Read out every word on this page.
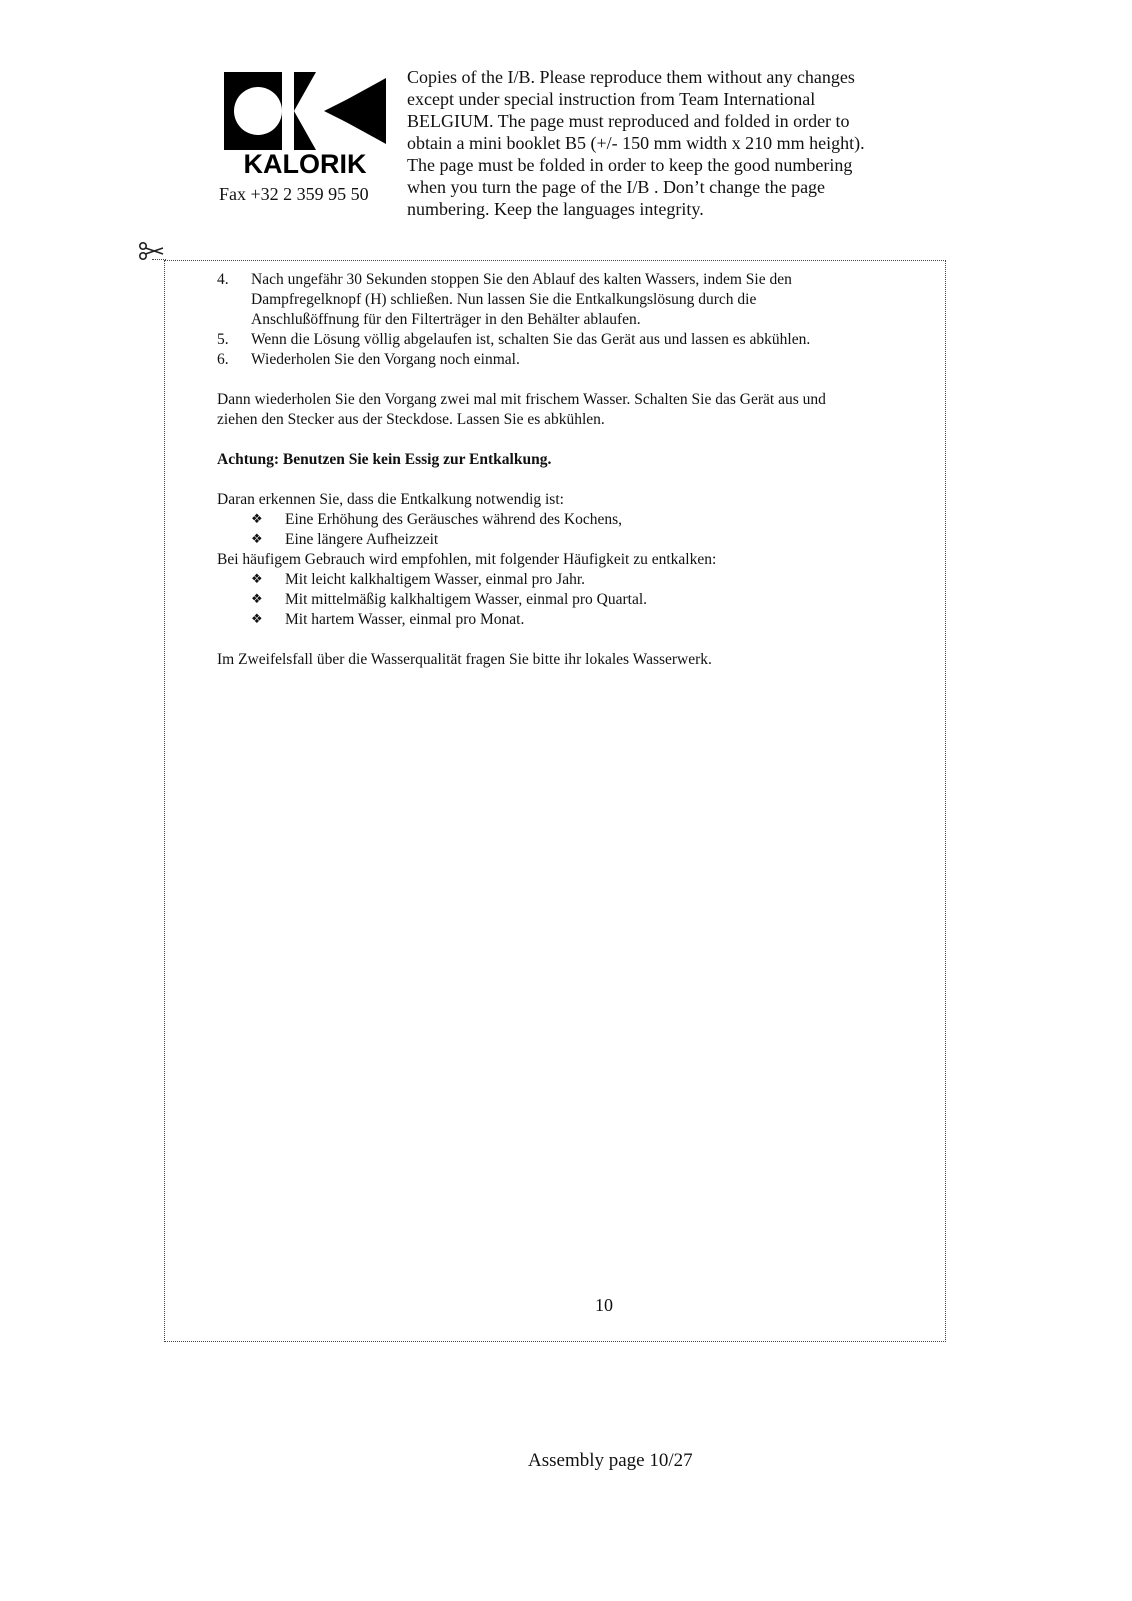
KALORIK
Fax +32 2 359 95 50
Copies of the I/B. Please reproduce them without any changes
except under special instruction from Team International
BELGIUM. The page must reproduced and folded in order to
obtain a mini booklet B5 (+/- 150 mm width x 210 mm height).
The page must be folded in order to keep the good numbering
when you turn the page of the I/B . Don’t change the page
numbering. Keep the languages integrity.
4.	Nach ungefähr 30 Sekunden stoppen Sie den Ablauf des kalten Wassers, indem Sie den
Dampfregelknopf (H) schließen. Nun lassen Sie die Entkalkungslösung durch die
Anschlußöffnung für den Filterträger in den Behälter ablaufen.
5.	Wenn die Lösung völlig abgelaufen ist, schalten Sie das Gerät aus und lassen es abkühlen.
6.	Wiederholen Sie den Vorgang noch einmal.
Dann wiederholen Sie den Vorgang zwei mal mit frischem Wasser. Schalten Sie das Gerät aus und
ziehen den Stecker aus der Steckdose. Lassen Sie es abkühlen.
Achtung: Benutzen Sie kein Essig zur Entkalkung.
Daran erkennen Sie, dass die Entkalkung notwendig ist:
❖	Eine Erhöhung des Geräusches während des Kochens,
❖	Eine längere Aufheizzeit
Bei häufigem Gebrauch wird empfohlen, mit folgender Häufigkeit zu entkalken:
❖	Mit leicht kalkhaltigem Wasser, einmal pro Jahr.
❖	Mit mittelmäßig kalkhaltigem Wasser, einmal pro Quartal.
❖	Mit hartem Wasser, einmal pro Monat.
Im Zweifelsfall über die Wasserqualität fragen Sie bitte ihr lokales Wasserwerk.
10
Assembly page 10/27
